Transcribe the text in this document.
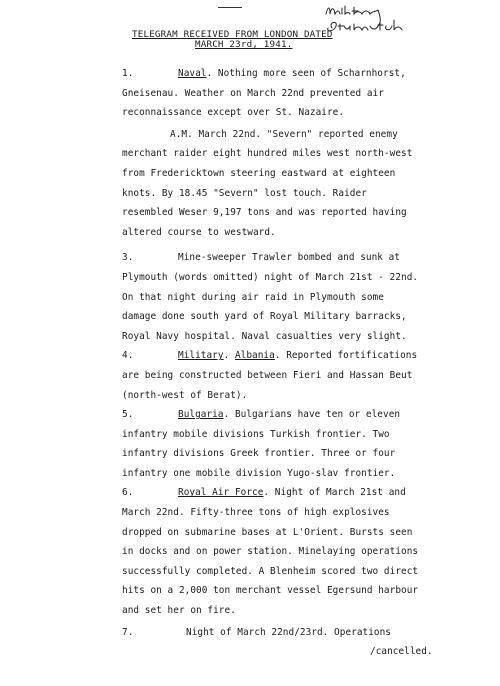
TELEGRAM RECEIVED FROM LONDON DATED
MARCH 23rd, 1941.

1.	Naval. Nothing more seen of Scharnhorst,
Gneisenau. Weather on March 22nd prevented air
reconnaissance except over St. Nazaire.

A.M. March 22nd. "Severn" reported enemy
merchant raider eight hundred miles west north-west
from Fredericktown steering eastward at eighteen
knots. By 18.45 "Severn" lost touch. Raider
resembled Weser 9,197 tons and was reported having
altered course to westward.

3.	Mine-sweeper Trawler bombed and sunk at
Plymouth (words omitted) night of March 21st - 22nd.
On that night during air raid in Plymouth some
damage done south yard of Royal Military barracks,
Royal Navy hospital. Naval casualties very slight.

4.	Military. Albania. Reported fortifications
are being constructed between Fieri and Hassan Beut
(north-west of Berat).

5.	Bulgaria. Bulgarians have ten or eleven
infantry mobile divisions Turkish frontier. Two
infantry divisions Greek frontier. Three or four
infantry one mobile division Yugo-slav frontier.

6.	Royal Air Force. Night of March 21st and
March 22nd. Fifty-three tons of high explosives
dropped on submarine bases at L'Orient. Bursts seen
in docks and on power station. Minelaying operations
successfully completed. A Blenheim scored two direct
hits on a 2,000 ton merchant vessel Egersund harbour
and set her on fire.

7.	Night of March 22nd/23rd. Operations
/cancelled.
